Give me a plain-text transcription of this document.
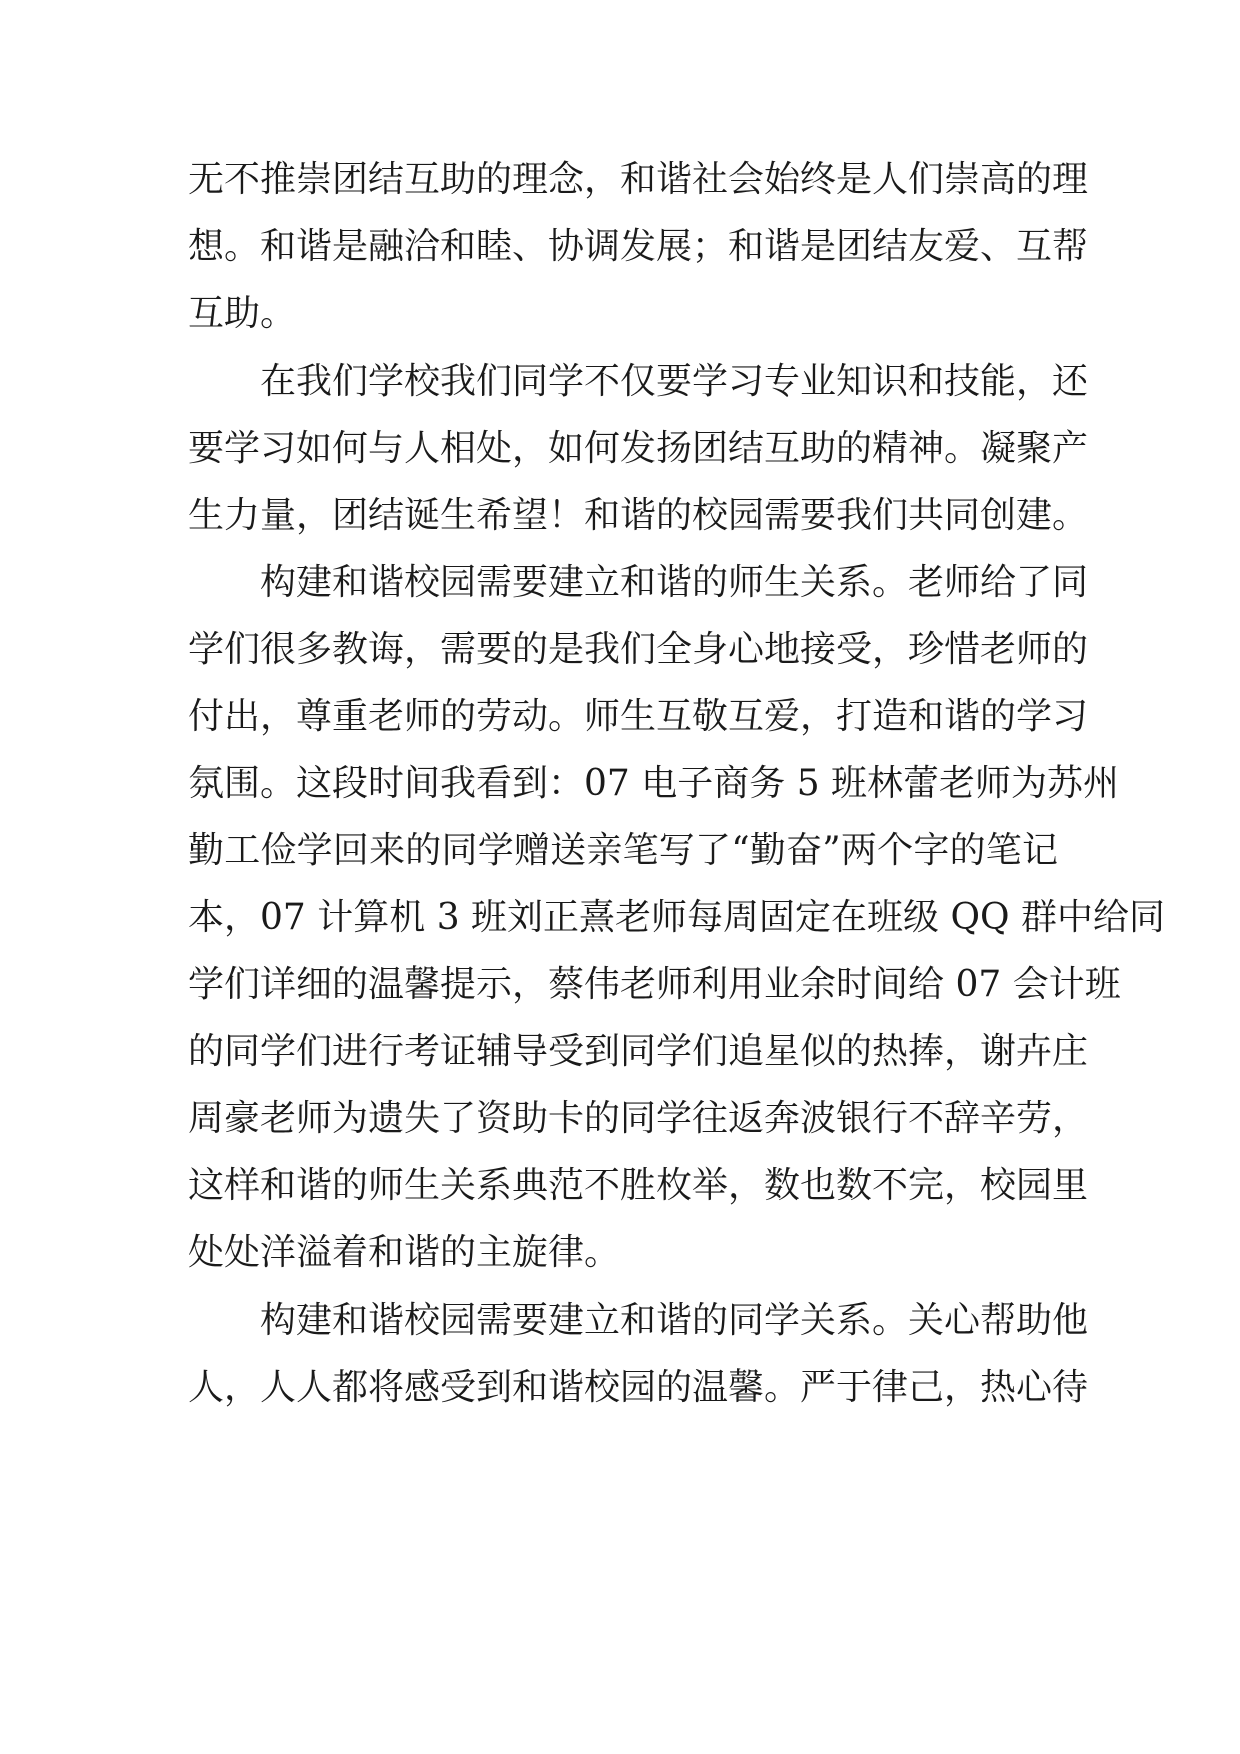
无不推崇团结互助的理念，和谐社会始终是人们崇高的理
想。和谐是融洽和睦、协调发展；和谐是团结友爱、互帮
互助。
在我们学校我们同学不仅要学习专业知识和技能，还
要学习如何与人相处，如何发扬团结互助的精神。凝聚产
生力量，团结诞生希望！和谐的校园需要我们共同创建。
构建和谐校园需要建立和谐的师生关系。老师给了同
学们很多教诲，需要的是我们全身心地接受，珍惜老师的
付出，尊重老师的劳动。师生互敬互爱，打造和谐的学习
氛围。这段时间我看到：07 电子商务 5 班林蕾老师为苏州
勤工俭学回来的同学赠送亲笔写了“勤奋”两个字的笔记
本，07 计算机 3 班刘正熹老师每周固定在班级 QQ 群中给同
学们详细的温馨提示，蔡伟老师利用业余时间给 07 会计班
的同学们进行考证辅导受到同学们追星似的热捧，谢卉庄
周豪老师为遗失了资助卡的同学往返奔波银行不辞辛劳，
这样和谐的师生关系典范不胜枚举，数也数不完，校园里
处处洋溢着和谐的主旋律。
构建和谐校园需要建立和谐的同学关系。关心帮助他
人，人人都将感受到和谐校园的温馨。严于律己，热心待
